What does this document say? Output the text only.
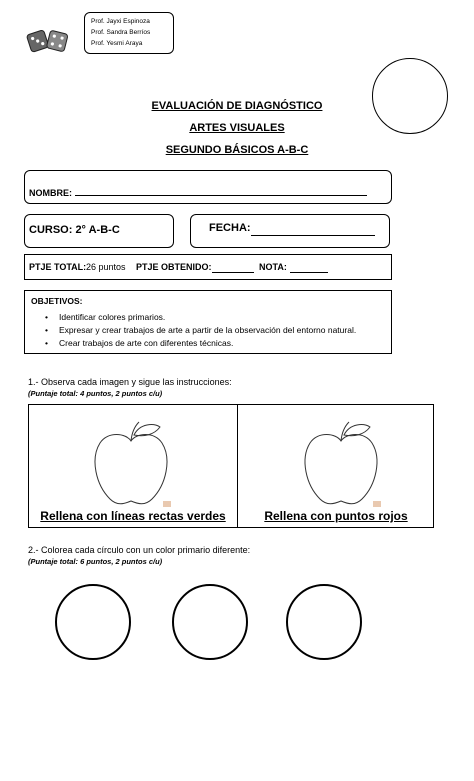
Prof. Jayxi Espinoza
Prof. Sandra Berríos
Prof. Yesmi Araya
EVALUACIÓN DE DIAGNÓSTICO
ARTES VISUALES
SEGUNDO BÁSICOS A-B-C
NOMBRE:
CURSO: 2° A-B-C	FECHA:
PTJE TOTAL: 26 puntos PTJE OBTENIDO:	NOTA:
OBJETIVOS:
• Identificar colores primarios.
• Expresar y crear trabajos de arte a partir de la observación del entorno natural.
• Crear trabajos de arte con diferentes técnicas.
1.- Observa cada imagen y sigue las instrucciones:
(Puntaje total: 4 puntos, 2 puntos c/u)
Rellena con líneas rectas verdes	Rellena con puntos rojos
2.- Colorea cada círculo con un color primario diferente:
(Puntaje total: 6 puntos, 2 puntos c/u)
